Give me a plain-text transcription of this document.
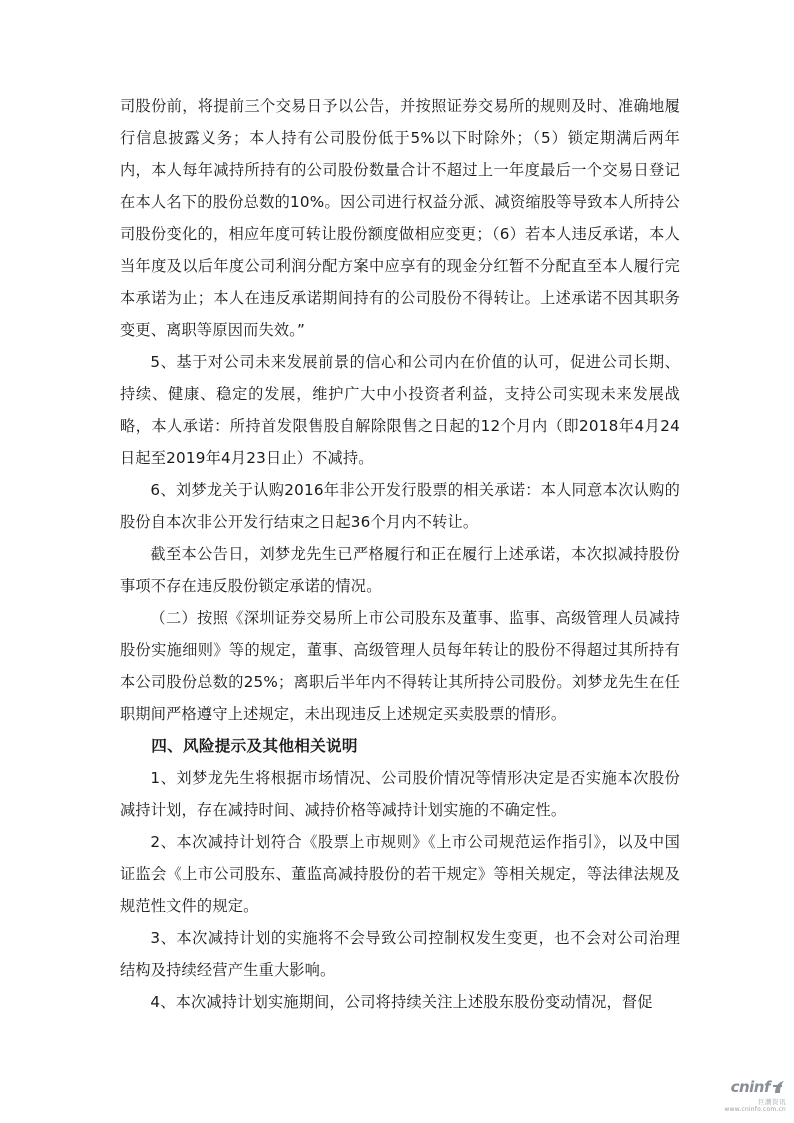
司股份前，将提前三个交易日予以公告，并按照证券交易所的规则及时、准确地履行信息披露义务；本人持有公司股份低于5%以下时除外；（5）锁定期满后两年内，本人每年减持所持有的公司股份数量合计不超过上一年度最后一个交易日登记在本人名下的股份总数的10%。因公司进行权益分派、减资缩股等导致本人所持公司股份变化的，相应年度可转让股份额度做相应变更；（6）若本人违反承诺，本人当年度及以后年度公司利润分配方案中应享有的现金分红暂不分配直至本人履行完本承诺为止；本人在违反承诺期间持有的公司股份不得转让。上述承诺不因其职务变更、离职等原因而失效。”

5、基于对公司未来发展前景的信心和公司内在价值的认可，促进公司长期、持续、健康、稳定的发展，维护广大中小投资者利益，支持公司实现未来发展战略，本人承诺：所持首发限售股自解除限售之日起的12个月内（即2018年4月24日起至2019年4月23日止）不减持。

6、刘梦龙关于认购2016年非公开发行股票的相关承诺：本人同意本次认购的股份自本次非公开发行结束之日起36个月内不转让。

截至本公告日，刘梦龙先生已严格履行和正在履行上述承诺，本次拟减持股份事项不存在违反股份锁定承诺的情况。

（二）按照《深圳证券交易所上市公司股东及董事、监事、高级管理人员减持股份实施细则》等的规定，董事、高级管理人员每年转让的股份不得超过其所持有本公司股份总数的25%；离职后半年内不得转让其所持公司股份。刘梦龙先生在任职期间严格遵守上述规定，未出现违反上述规定买卖股票的情形。

四、风险提示及其他相关说明

1、刘梦龙先生将根据市场情况、公司股价情况等情形决定是否实施本次股份减持计划，存在减持时间、减持价格等减持计划实施的不确定性。

2、本次减持计划符合《股票上市规则》《上市公司规范运作指引》，以及中国证监会《上市公司股东、董监高减持股份的若干规定》等相关规定，等法律法规及规范性文件的规定。

3、本次减持计划的实施将不会导致公司控制权发生变更，也不会对公司治理结构及持续经营产生重大影响。

4、本次减持计划实施期间，公司将持续关注上述股东股份变动情况，督促

cninf
巨潮资讯
www.cninfo.com.cn
